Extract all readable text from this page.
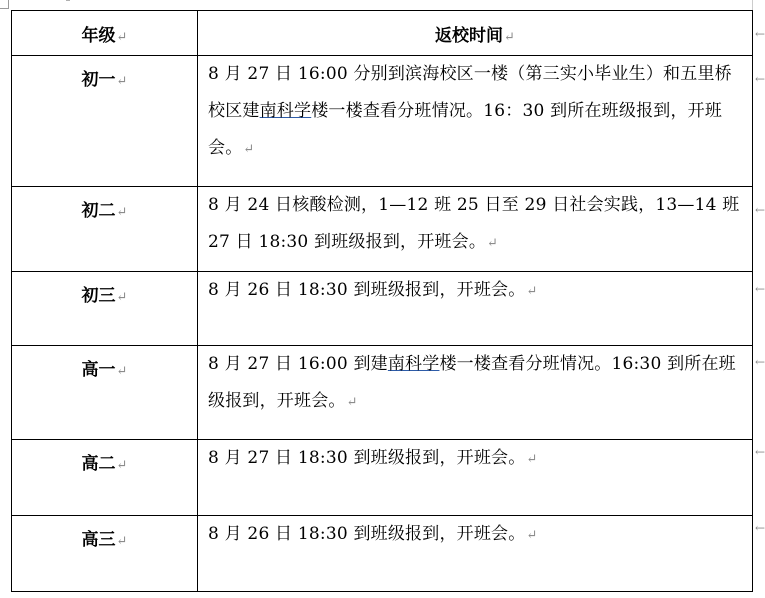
年级↵	返校时间↵
初一↵	8 月 27 日 16:00 分别到滨海校区一楼（第三实小毕业生）和五里桥校区建南科学楼一楼查看分班情况。16：30 到所在班级报到，开班会。↵
初二↵	8 月 24 日核酸检测，1—12 班 25 日至 29 日社会实践，13—14 班 27 日 18:30 到班级报到，开班会。↵
初三↵	8 月 26 日 18:30 到班级报到，开班会。↵
高一↵	8 月 27 日 16:00 到建南科学楼一楼查看分班情况。16:30 到所在班级报到，开班会。↵
高二↵	8 月 27 日 18:30 到班级报到，开班会。↵
高三↵	8 月 26 日 18:30 到班级报到，开班会。↵
←
←
←
←
←
←
←
